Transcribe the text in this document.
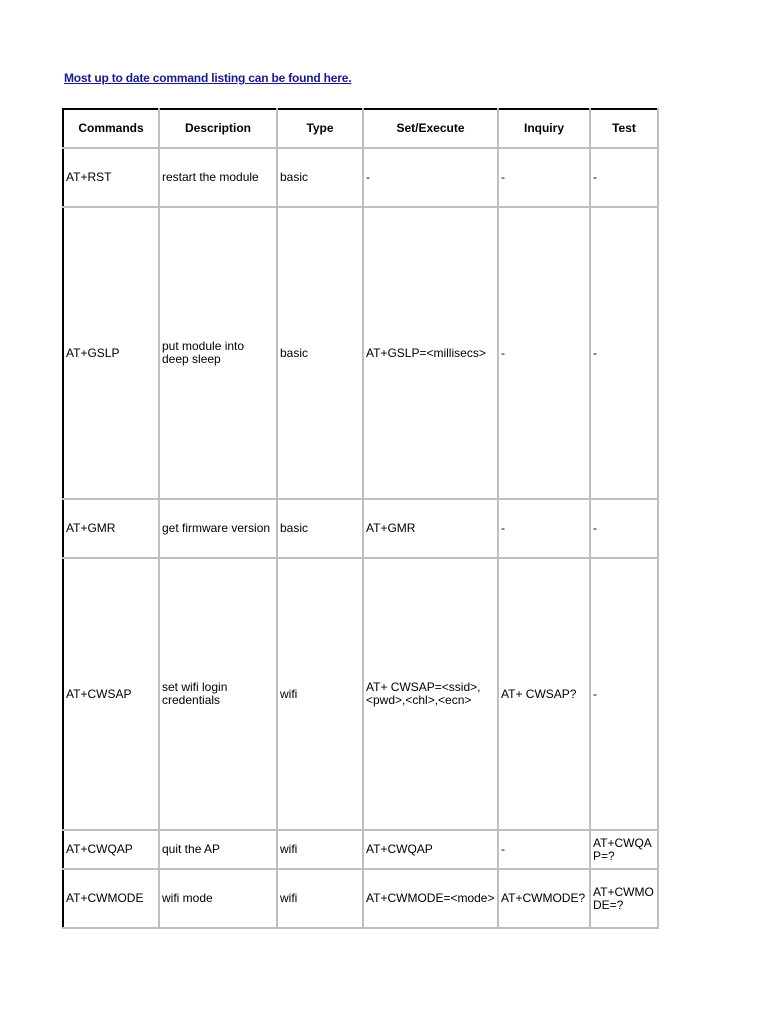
Most up to date command listing can be found here.
Commands	Description	Type	Set/Execute	Inquiry	Test
AT+RST	restart the module	basic	-	-	-
AT+GSLP	put module into deep sleep	basic	AT+GSLP=<millisecs>	-	-
AT+GMR	get firmware version	basic	AT+GMR	-	-
AT+CWSAP	set wifi login credentials	wifi	AT+ CWSAP=<ssid>,<pwd>,<chl>,<ecn>	AT+ CWSAP?	-
AT+CWQAP	quit the AP	wifi	AT+CWQAP	-	AT+CWQAP=?
AT+CWMODE	wifi mode	wifi	AT+CWMODE=<mode>	AT+CWMODE?	AT+CWMODE=?
